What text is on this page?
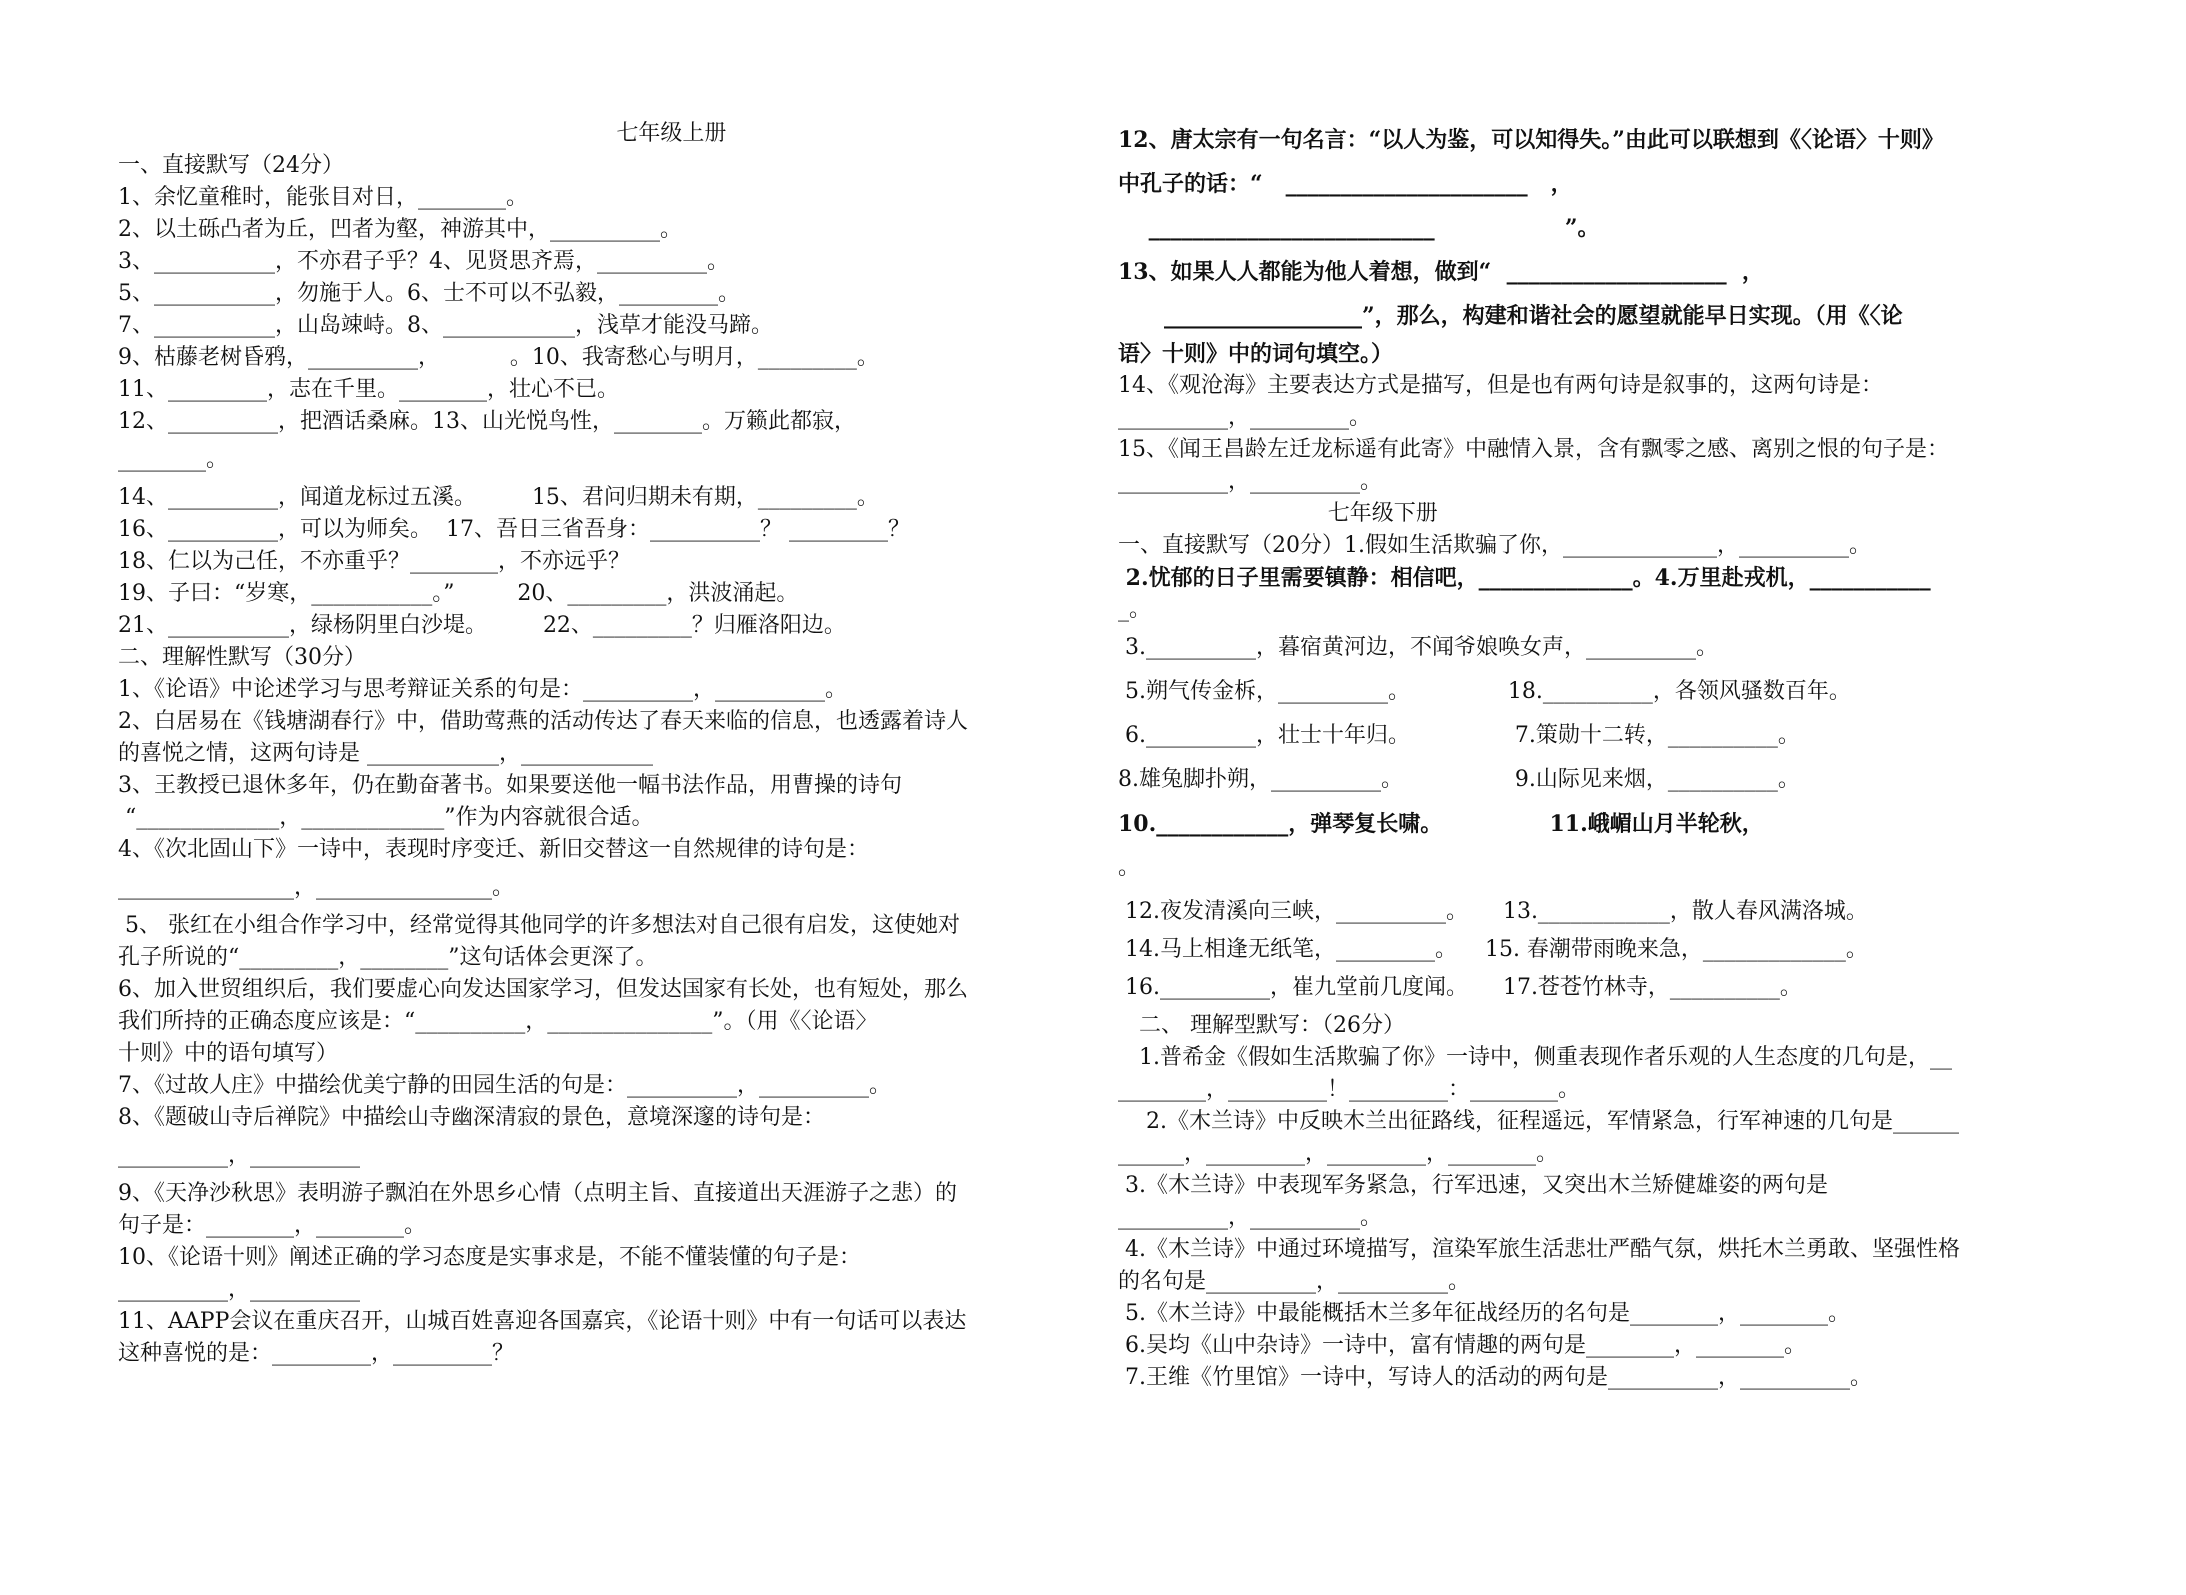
七年级上册
一、直接默写（24分）
1、余忆童稚时，能张目对日，________。
2、以土砾凸者为丘，凹者为壑，神游其中，__________。
3、___________，不亦君子乎？4、见贤思齐焉，__________。
5、___________，勿施于人。6、士不可以不弘毅，_________。
7、___________，山岛竦峙。8、____________，浅草才能没马蹄。
9、枯藤老树昏鸦，__________，          。10、我寄愁心与明月，_________。
11、_________，志在千里。________，壮心不已。
12、__________，把酒话桑麻。13、山光悦鸟性，________。万籁此都寂，
________。
14、__________，闻道龙标过五溪。        15、君问归期未有期，_________。
16、__________，可以为师矣。  17、吾日三省吾身：__________？ _________？
18、仁以为己任，不亦重乎？________，不亦远乎？
19、子曰：“岁寒，___________。”         20、_________，洪波涌起。
21、___________，绿杨阴里白沙堤。        22、_________？归雁洛阳边。
二、理解性默写（30分）
1、《论语》中论述学习与思考辩证关系的句是：__________，__________。
2、白居易在《钱塘湖春行》中，借助莺燕的活动传达了春天来临的信息，也透露着诗人
的喜悦之情，这两句诗是 ____________，____________
3、王教授已退休多年，仍在勤奋著书。如果要送他一幅书法作品，用曹操的诗句
“_____________，_____________”作为内容就很合适。
4、《次北固山下》一诗中，表现时序变迁、新旧交替这一自然规律的诗句是：
________________，________________。
5、 张红在小组合作学习中，经常觉得其他同学的许多想法对自己很有启发，这使她对
孔子所说的“_________，________”这句话体会更深了。
6、加入世贸组织后，我们要虚心向发达国家学习，但发达国家有长处，也有短处，那么
我们所持的正确态度应该是：“__________，_______________”。（用《〈论语〉
十则》中的语句填写）
7、《过故人庄》中描绘优美宁静的田园生活的句是：__________，__________。
8、《题破山寺后禅院》中描绘山寺幽深清寂的景色，意境深邃的诗句是：
__________，__________
9、《天净沙秋思》表明游子飘泊在外思乡心情（点明主旨、直接道出天涯游子之悲）的
句子是：________，________。
10、《论语十则》阐述正确的学习态度是实事求是，不能不懂装懂的句子是：
__________，__________
11、AAPP会议在重庆召开，山城百姓喜迎各国嘉宾，《论语十则》中有一句话可以表达
这种喜悦的是：_________，_________？
12、唐太宗有一句名言：“以人为鉴，可以知得失。”由此可以联想到《〈论语〉十则》
中孔子的话：“   ______________________   ，
__________________________                 ”。
13、如果人人都能为他人着想，做到“  ____________________  ，
__________________”，那么，构建和谐社会的愿望就能早日实现。（用《〈论
语〉十则》中的词句填空。）
14、《观沧海》主要表达方式是描写，但是也有两句诗是叙事的，这两句诗是：
__________，_________。
15、《闻王昌龄左迁龙标遥有此寄》中融情入景，含有飘零之感、离别之恨的句子是：
__________，__________。
七年级下册
一、直接默写（20分）1.假如生活欺骗了你，______________，__________。
2.忧郁的日子里需要镇静：相信吧，______________。4.万里赴戎机，___________
_。
3.__________，暮宿黄河边，不闻爷娘唤女声，__________。
5.朔气传金柝，__________。              18.__________，各领风骚数百年。
6.__________，壮士十年归。               7.策勋十二转，__________。
8.雄兔脚扑朔，__________。                9.山际见来烟，__________。
10.____________，弹琴复长啸。              11.峨嵋山月半轮秋，
。
12.夜发清溪向三峡，__________。     13.____________，散人春风满洛城。
14.马上相逢无纸笔，_________。    15. 春潮带雨晚来急，_____________。
16.__________，崔九堂前几度闻。     17.苍苍竹林寺，__________。
二、 理解型默写：（26分）
1.普希金《假如生活欺骗了你》一诗中，侧重表现作者乐观的人生态度的几句是，__
________，_________！_________：________。
2.《木兰诗》中反映木兰出征路线，征程遥远，军情紧急，行军神速的几句是______
______，_________，_________，________。
3.《木兰诗》中表现军务紧急，行军迅速，又突出木兰矫健雄姿的两句是
__________，__________。
4.《木兰诗》中通过环境描写，渲染军旅生活悲壮严酷气氛，烘托木兰勇敢、坚强性格
的名句是__________，__________。
5.《木兰诗》中最能概括木兰多年征战经历的名句是________，________。
6.吴均《山中杂诗》一诗中，富有情趣的两句是________，________。
7.王维《竹里馆》一诗中，写诗人的活动的两句是__________，__________。
